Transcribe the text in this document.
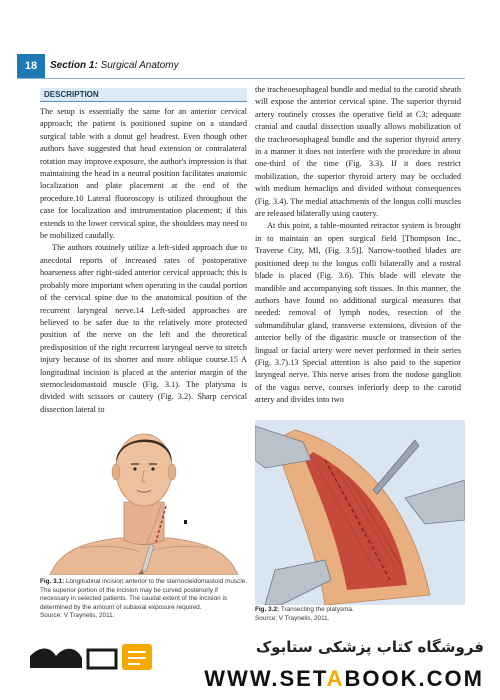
18	Section 1: Surgical Anatomy
DESCRIPTION

The setup is essentially the same for an anterior cervical approach; the patient is positioned supine on a standard surgical table with a donut gel headrest. Even though other authors have suggested that head extension or contralateral rotation may improve exposure, the author's impression is that maintaining the head in a neutral position facilitates anatomic localization and plate placement at the end of the procedure.10 Lateral fluoroscopy is utilized throughout the case for localization and instrumentation placement; if this extends to the lower cervical spine, the shoulders may need to be mobilized caudally.

The authors routinely utilize a left-sided approach due to anecdotal reports of increased rates of postoperative hoarseness after right-sided anterior cervical approach; this is probably more important when operating in the caudal portion of the cervical spine due to the anatomical position of the recurrent laryngeal nerve.14 Left-sided approaches are believed to be safer due to the relatively more protected position of the nerve on the left and the theoretical predisposition of the right recurrent laryngeal nerve to stretch injury because of its shorter and more oblique course.15 A longitudinal incision is placed at the anterior margin of the sternocleidomastoid muscle (Fig. 3.1). The platysma is divided with scissors or cautery (Fig. 3.2). Sharp cervical dissection lateral to

the tracheoesophageal bundle and medial to the carotid sheath will expose the anterior cervical spine. The superior thyroid artery routinely crosses the operative field at C3; adequate cranial and caudal dissection usually allows mobilization of the tracheoesophageal bundle and the superior thyroid artery in a manner it does not interfere with the procedure in about one-third of the time (Fig. 3.3). If it does restrict mobilization, the superior thyroid artery may be occluded with medium hemaclips and divided without consequences (Fig. 3.4). The medial attachments of the longus colli muscles are released bilaterally using cautery.

At this point, a table-mounted retractor system is brought in to maintain an open surgical field [Thompson Inc., Traverse City, MI, (Fig. 3.5)]. Narrow-toothed blades are positioned deep to the longus colli bilaterally and a rostral blade is placed (Fig. 3.6). This blade will elevate the mandible and accompanying soft tissues. In this manner, the authors have found no additional surgical measures that needed: removal of lymph nodes, resection of the submandibular gland, transverse extensions, division of the anterior belly of the digastric muscle or transection of the lingual or facial artery were never performed in their series (Fig. 3.7).13 Special attention is also paid to the superior laryngeal nerve. This nerve arises from the nodose ganglion of the vagus nerve, courses inferiorly deep to the carotid artery and divides into two

Fig. 3.1: Longitudinal incision anterior to the sternocleidomastoid muscle. The superior portion of the incision may be curved posteriorly if necessary in selected patients. The caudal extent of the incision is determined by the amount of subaxial exposure required.
Source: V Traynelis, 2011.
Fig. 3.2: Transecting the platysma.
Source: V Traynelis, 2011.
فروشگاه کتاب پزشکی ستابوک
WWW.SETABOOK.COM
